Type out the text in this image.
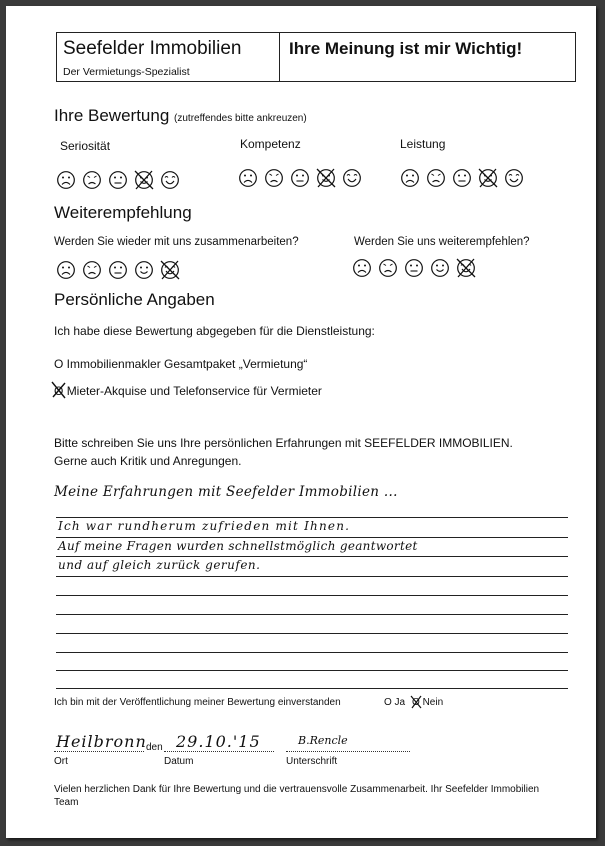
Seefelder Immobilien
Der Vermietungs-Spezialist
Ihre Meinung ist mir Wichtig!
Ihre Bewertung (zutreffendes bitte ankreuzen)
Seriosität	Kompetenz	Leistung
Weiterempfehlung
Werden Sie wieder mit uns zusammenarbeiten?	Werden Sie uns weiterempfehlen?
Persönliche Angaben
Ich habe diese Bewertung abgegeben für die Dienstleistung:
O Immobilienmakler Gesamtpaket „Vermietung“
O Mieter-Akquise und Telefonservice für Vermieter
Bitte schreiben Sie uns Ihre persönlichen Erfahrungen mit SEEFELDER IMMOBILIEN.
Gerne auch Kritik und Anregungen.
Meine Erfahrungen mit Seefelder Immobilien ...
Ich war rundherum zufrieden mit Ihnen.
Auf meine Fragen wurden schnellstmöglich geantwortet
und auf gleich zurück gerufen.
Ich bin mit der Veröffentlichung meiner Bewertung einverstanden	O Ja O Nein
Heilbronn den 29.10.'15	B.Rencle
Ort	Datum	Unterschrift
Vielen herzlichen Dank für Ihre Bewertung und die vertrauensvolle Zusammenarbeit. Ihr Seefelder Immobilien
Team
